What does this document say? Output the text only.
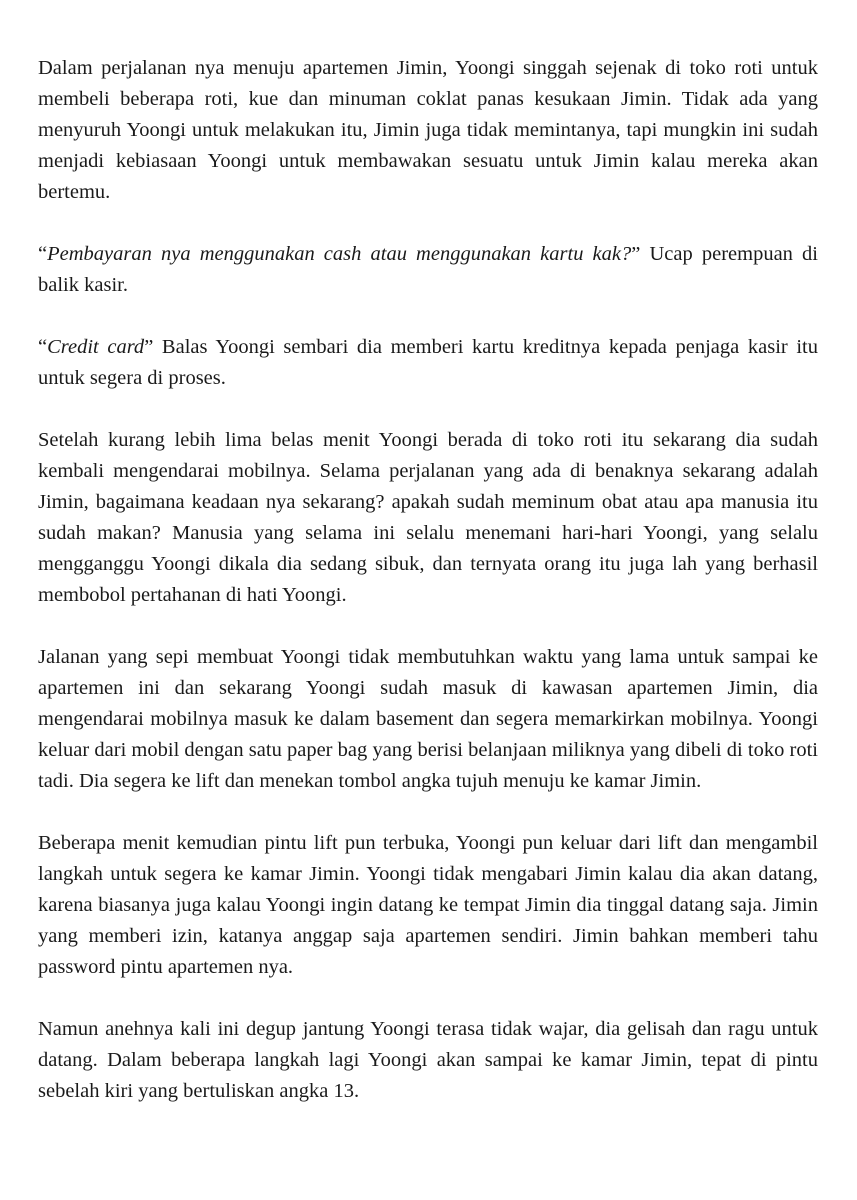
Dalam perjalanan nya menuju apartemen Jimin, Yoongi singgah sejenak di toko roti untuk membeli beberapa roti, kue dan minuman coklat panas kesukaan Jimin. Tidak ada yang menyuruh Yoongi untuk melakukan itu, Jimin juga tidak memintanya, tapi mungkin ini sudah menjadi kebiasaan Yoongi untuk membawakan sesuatu untuk Jimin kalau mereka akan bertemu.

“Pembayaran nya menggunakan cash atau menggunakan kartu kak?” Ucap perempuan di balik kasir.

“Credit card” Balas Yoongi sembari dia memberi kartu kreditnya kepada penjaga kasir itu untuk segera di proses.

Setelah kurang lebih lima belas menit Yoongi berada di toko roti itu sekarang dia sudah kembali mengendarai mobilnya. Selama perjalanan yang ada di benaknya sekarang adalah Jimin, bagaimana keadaan nya sekarang? apakah sudah meminum obat atau apa manusia itu sudah makan? Manusia yang selama ini selalu menemani hari-hari Yoongi, yang selalu mengganggu Yoongi dikala dia sedang sibuk, dan ternyata orang itu juga lah yang berhasil membobol pertahanan di hati Yoongi.

Jalanan yang sepi membuat Yoongi tidak membutuhkan waktu yang lama untuk sampai ke apartemen ini dan sekarang Yoongi sudah masuk di kawasan apartemen Jimin, dia mengendarai mobilnya masuk ke dalam basement dan segera memarkirkan mobilnya. Yoongi keluar dari mobil dengan satu paper bag yang berisi belanjaan miliknya yang dibeli di toko roti tadi. Dia segera ke lift dan menekan tombol angka tujuh menuju ke kamar Jimin.

Beberapa menit kemudian pintu lift pun terbuka, Yoongi pun keluar dari lift dan mengambil langkah untuk segera ke kamar Jimin. Yoongi tidak mengabari Jimin kalau dia akan datang, karena biasanya juga kalau Yoongi ingin datang ke tempat Jimin dia tinggal datang saja. Jimin yang memberi izin, katanya anggap saja apartemen sendiri. Jimin bahkan memberi tahu password pintu apartemen nya.

Namun anehnya kali ini degup jantung Yoongi terasa tidak wajar, dia gelisah dan ragu untuk datang. Dalam beberapa langkah lagi Yoongi akan sampai ke kamar Jimin, tepat di pintu sebelah kiri yang bertuliskan angka 13.
